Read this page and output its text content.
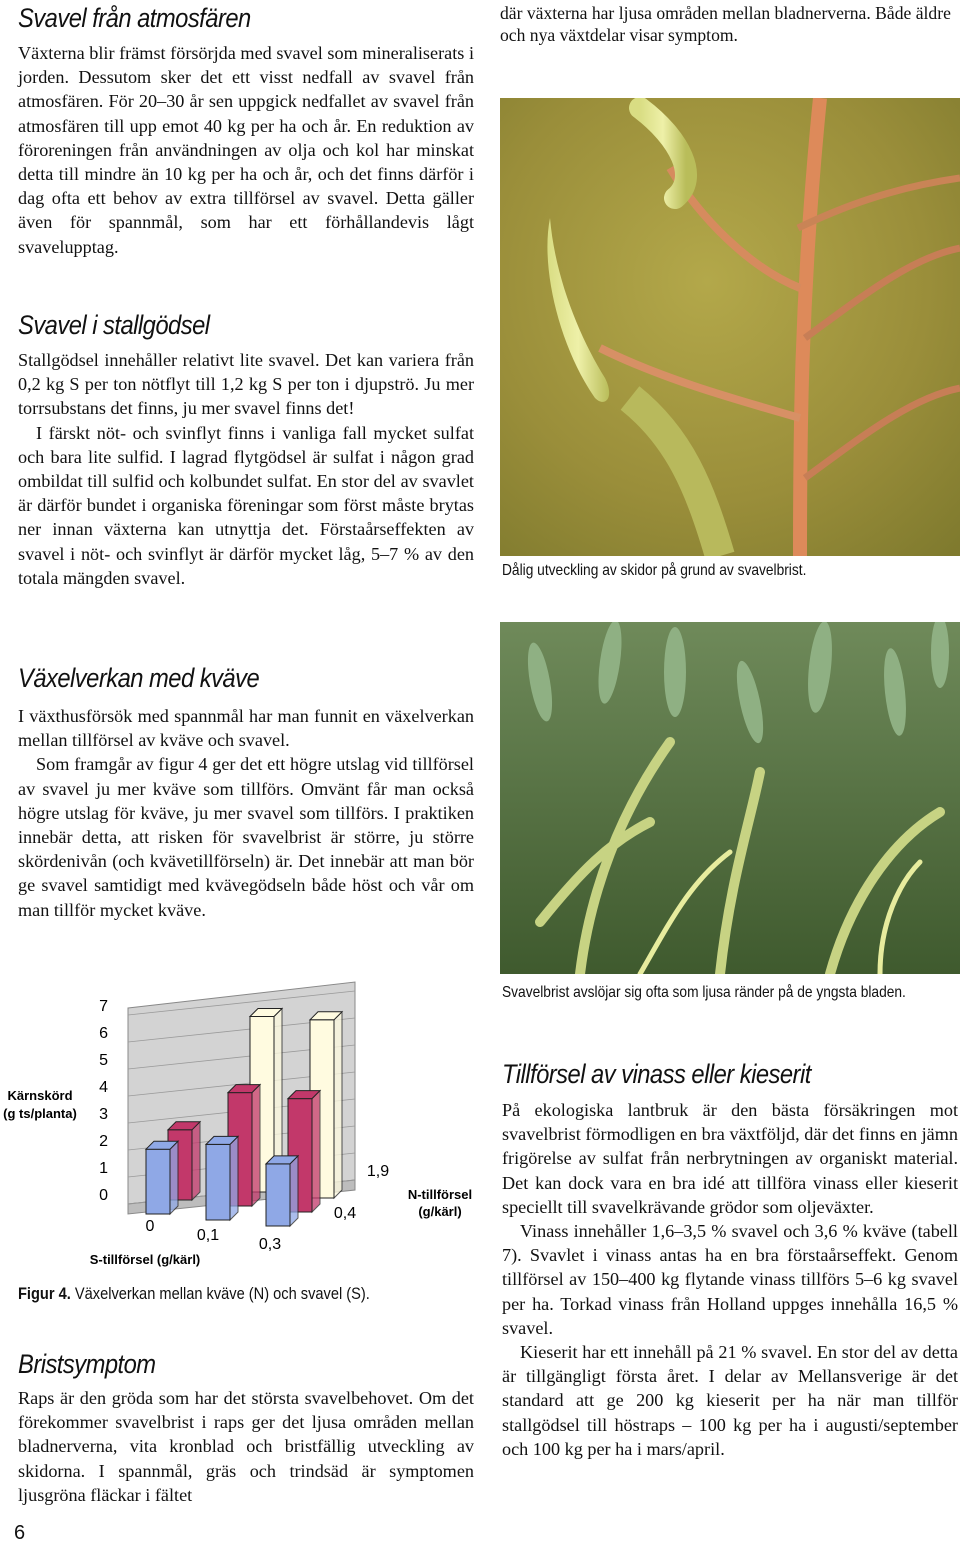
Svavel från atmosfären

Växterna blir främst försörjda med svavel som mineraliserats i jorden. Dessutom sker det ett visst nedfall av svavel från atmosfären. För 20–30 år sen uppgick nedfallet av svavel från atmosfären till upp emot 40 kg per ha och år. En reduktion av föroreningen från användningen av olja och kol har minskat detta till mindre än 10 kg per ha och år, och det finns därför i dag ofta ett behov av extra tillförsel av svavel. Detta gäller även för spannmål, som har ett förhållandevis lågt svavelupptag.

Svavel i stallgödsel

Stallgödsel innehåller relativt lite svavel. Det kan variera från 0,2 kg S per ton nötflyt till 1,2 kg S per ton i djupströ. Ju mer torrsubstans det finns, ju mer svavel finns det!

I färskt nöt- och svinflyt finns i vanliga fall mycket sulfat och bara lite sulfid. I lagrad flytgödsel är sulfat i någon grad ombildat till sulfid och kolbundet sulfat. En stor del av svavlet är därför bundet i organiska föreningar som först måste brytas ner innan växterna kan utnyttja det. Förstaårseffekten av svavel i nöt- och svinflyt är därför mycket låg, 5–7 % av den totala mängden svavel.

Växelverkan med kväve

I växthusförsök med spannmål har man funnit en växelverkan mellan tillförsel av kväve och svavel.

Som framgår av figur 4 ger det ett högre utslag vid tillförsel av svavel ju mer kväve som tillförs. Omvänt får man också högre utslag för kväve, ju mer svavel som tillförs. I praktiken innebär detta, att risken för svavelbrist är större, ju större skördenivån (och kvävetillförseln) är. Det innebär att man bör ge svavel samtidigt med kvävegödseln både höst och vår om man tillför mycket kväve.

Bristsymptom

Raps är den gröda som har det största svavelbehovet. Om det förekommer svavelbrist i raps ger det ljusa områden mellan bladnerverna, vita kronblad och bristfällig utveckling av skidorna. I spannmål, gräs och trindsäd är symptomen ljusgröna fläckar i fältet

0
1
2
3
4
5
6
7
Kärnskörd
(g ts/planta)
S-tillförsel (g/kärl)
N-tillförsel
(g/kärl)
0
0,1
0,3
0,4
1,9
Figur 4. Växelverkan mellan kväve (N) och svavel (S).
6

där växterna har ljusa områden mellan bladnerverna. Både äldre och nya växtdelar visar symptom.

Dålig utveckling av skidor på grund av svavelbrist.
Svavelbrist avslöjar sig ofta som ljusa ränder på de yngsta bladen.
Tillförsel av vinass eller kieserit

På ekologiska lantbruk är den bästa försäkringen mot svavelbrist förmodligen en bra växtföljd, där det finns en jämn frigörelse av sulfat från nerbrytningen av organiskt material. Det kan dock vara en bra idé att tillföra vinass eller kieserit speciellt till svavelkrävande grödor som oljeväxter.

Vinass innehåller 1,6–3,5 % svavel och 3,6 % kväve (tabell 7). Svavlet i vinass antas ha en bra förstaårseffekt. Genom tillförsel av 150–400 kg flytande vinass tillförs 5–6 kg svavel per ha. Torkad vinass från Holland uppges innehålla 16,5 % svavel.

Kieserit har ett innehåll på 21 % svavel. En stor del av detta är tillgängligt första året. I delar av Mellansverige är det standard att ge 200 kg kieserit per ha när man tillför stallgödsel till höstraps – 100 kg per ha i augusti/september och 100 kg per ha i mars/april.
